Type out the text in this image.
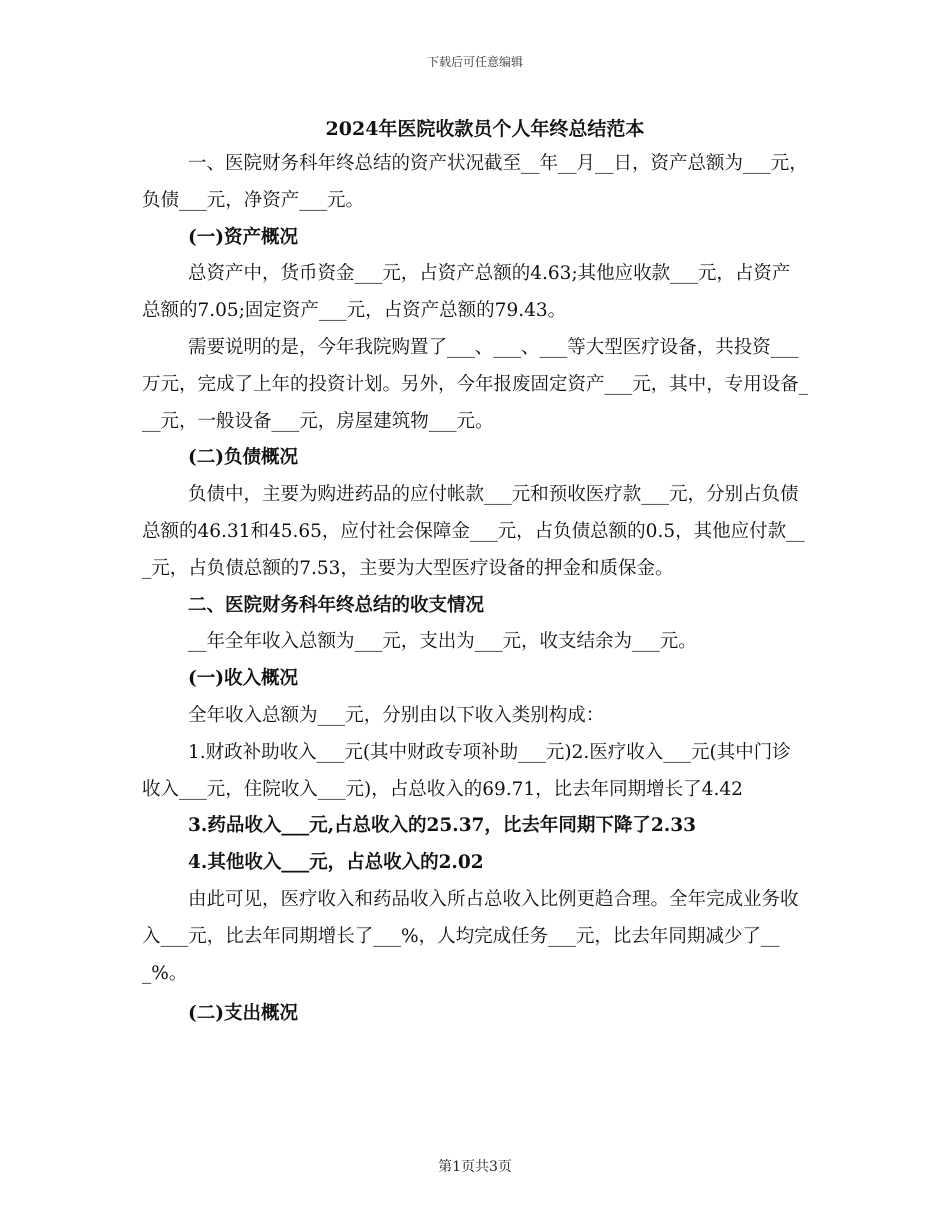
下载后可任意编辑
2024年医院收款员个人年终总结范本

一、医院财务科年终总结的资产状况截至__年__月__日，资产总额为___元，负债___元，净资产___元。

(一)资产概况

总资产中，货币资金___元，占资产总额的4.63;其他应收款___元，占资产总额的7.05;固定资产___元，占资产总额的79.43。

需要说明的是，今年我院购置了___、___、___等大型医疗设备，共投资___万元，完成了上年的投资计划。另外，今年报废固定资产___元，其中，专用设备___元，一般设备___元，房屋建筑物___元。

(二)负债概况

负债中，主要为购进药品的应付帐款___元和预收医疗款___元，分别占负债总额的46.31和45.65，应付社会保障金___元，占负债总额的0.5，其他应付款___元，占负债总额的7.53，主要为大型医疗设备的押金和质保金。

二、医院财务科年终总结的收支情况

__年全年收入总额为___元，支出为___元，收支结余为___元。

(一)收入概况

全年收入总额为___元，分别由以下收入类别构成：

1.财政补助收入___元(其中财政专项补助___元)2.医疗收入___元(其中门诊收入___元，住院收入___元)，占总收入的69.71，比去年同期增长了4.42

3.药品收入___元,占总收入的25.37，比去年同期下降了2.33

4.其他收入___元，占总收入的2.02

由此可见，医疗收入和药品收入所占总收入比例更趋合理。全年完成业务收入___元，比去年同期增长了___%，人均完成任务___元，比去年同期减少了___%。

(二)支出概况

第1页共3页
